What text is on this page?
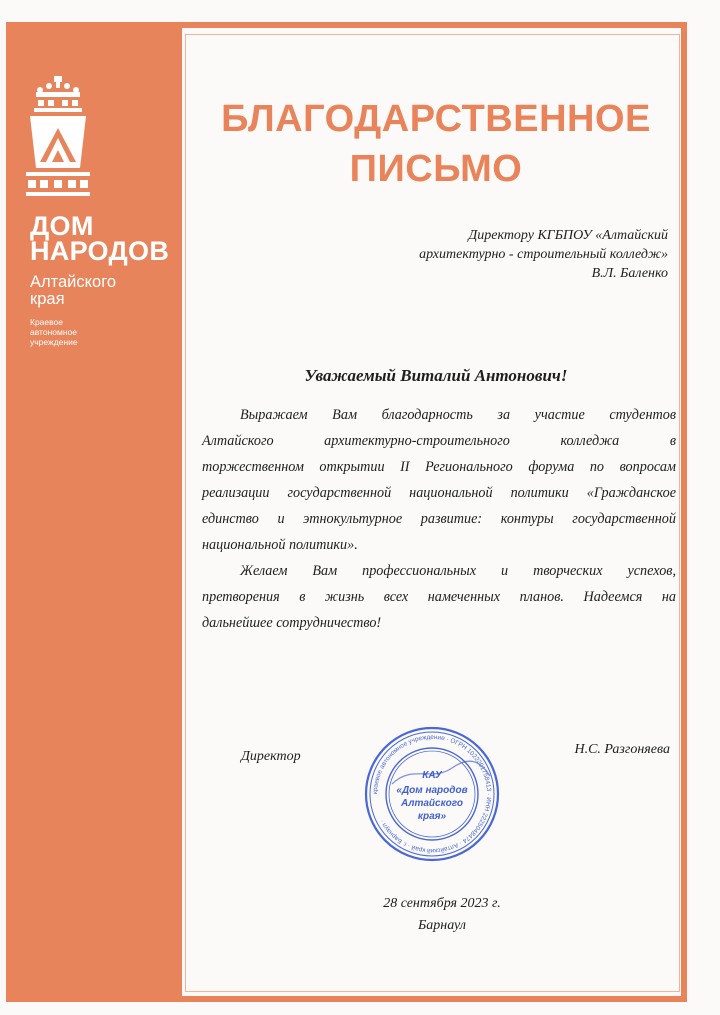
ДОМ
НАРОДОВ
Алтайского
края
Краевое
автономное
учреждение
БЛАГОДАРСТВЕННОЕ
ПИСЬМО
Директору КГБПОУ «Алтайский
архитектурно - строительный колледж»
В.Л. Баленко
Уважаемый Виталий Антонович!
Выражаем Вам благодарность за участие студентов
Алтайского архитектурно-строительного колледжа в
торжественном открытии II Регионального форума по вопросам
реализации государственной национальной политики «Гражданское
единство и этнокультурное развитие: контуры государственной
национальной политики».
Желаем Вам профессиональных и творческих успехов,
претворения в жизнь всех намеченных планов. Надеемся на
дальнейшее сотрудничество!
Директор	Н.С. Разгоняева
краевое автономное учреждение · ОГРН 1022201758413 · ИНН 2225048474 · Алтайский край · г. Барнаул ·
КАУ
«Дом народов
Алтайского
края»
28 сентября 2023 г.
Барнаул
